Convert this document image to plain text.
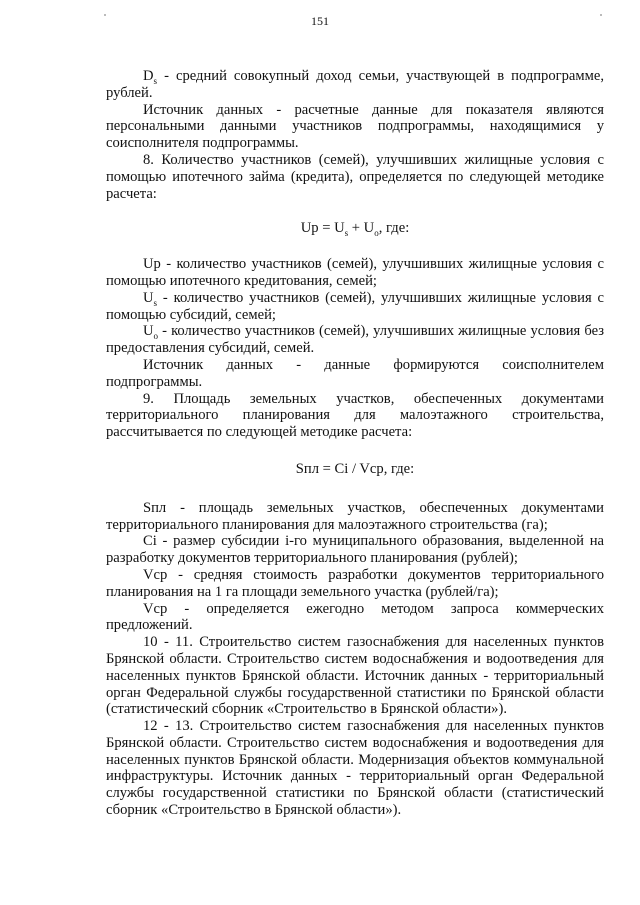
151

$D_s$ - средний совокупный доход семьи, участвующей в подпрограмме, рублей.

Источник данных - расчетные данные для показателя являются персональными данными участников подпрограммы, находящимися у соисполнителя подпрограммы.

8. Количество участников (семей), улучшивших жилищные условия с помощью ипотечного займа (кредита), определяется по следующей методике расчета:

$Up = U_s + U_o$, где:

Up - количество участников (семей), улучшивших жилищные условия с помощью ипотечного кредитования, семей;

$U_s$ - количество участников (семей), улучшивших жилищные условия с помощью субсидий, семей;

$U_o$ - количество участников (семей), улучшивших жилищные условия без предоставления субсидий, семей.

Источник данных - данные формируются соисполнителем подпрограммы.

9. Площадь земельных участков, обеспеченных документами территориального планирования для малоэтажного строительства, рассчитывается по следующей методике расчета:

Sпл = Ci / Vcp, где:

Sпл - площадь земельных участков, обеспеченных документами территориального планирования для малоэтажного строительства (га);

Ci - размер субсидии i-го муниципального образования, выделенной на разработку документов территориального планирования (рублей);

Vcp - средняя стоимость разработки документов территориального планирования на 1 га площади земельного участка (рублей/га);

Vcp - определяется ежегодно методом запроса коммерческих предложений.

10 - 11. Строительство систем газоснабжения для населенных пунктов Брянской области. Строительство систем водоснабжения и водоотведения для населенных пунктов Брянской области. Источник данных - территориальный орган Федеральной службы государственной статистики по Брянской области (статистический сборник «Строительство в Брянской области»).

12 - 13. Строительство систем газоснабжения для населенных пунктов Брянской области. Строительство систем водоснабжения и водоотведения для населенных пунктов Брянской области. Модернизация объектов коммунальной инфраструктуры. Источник данных - территориальный орган Федеральной службы государственной статистики по Брянской области (статистический сборник «Строительство в Брянской области»).
